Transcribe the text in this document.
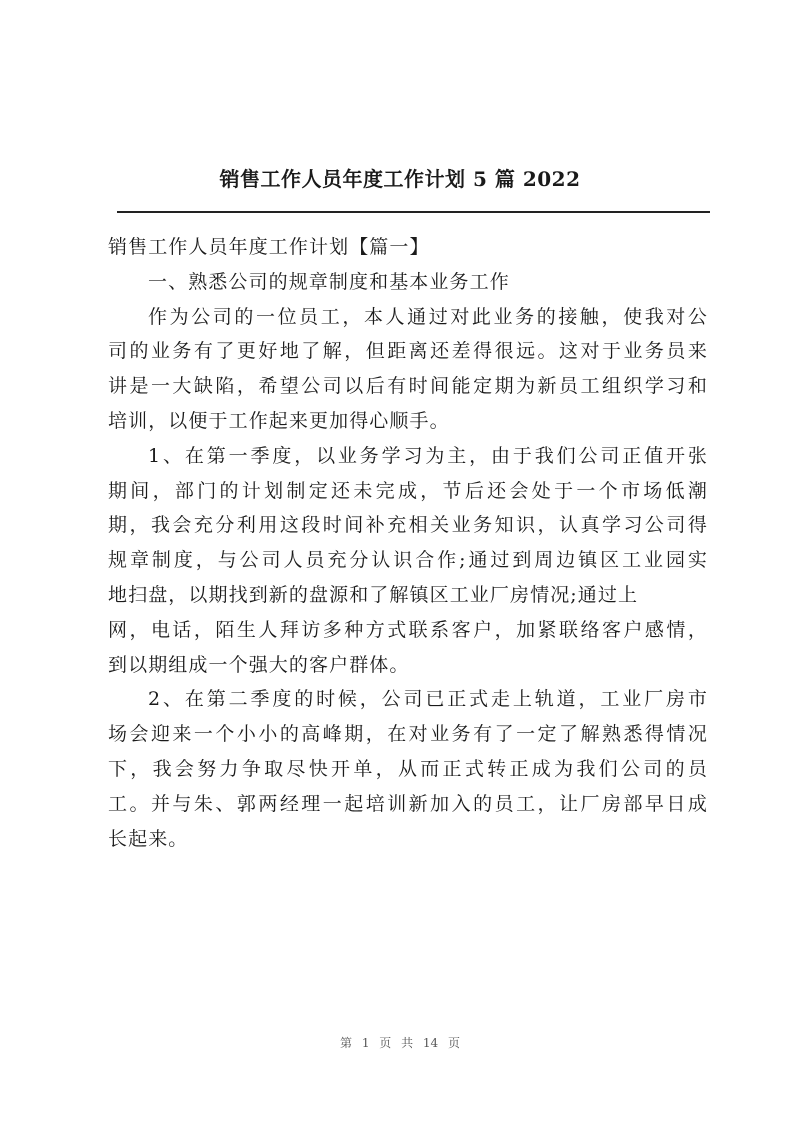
销售工作人员年度工作计划 5 篇 2022
销售工作人员年度工作计划【篇一】
一、熟悉公司的规章制度和基本业务工作
作为公司的一位员工，本人通过对此业务的接触，使我对公
司的业务有了更好地了解，但距离还差得很远。这对于业务员来
讲是一大缺陷，希望公司以后有时间能定期为新员工组织学习和
培训，以便于工作起来更加得心顺手。
1、在第一季度，以业务学习为主，由于我们公司正值开张
期间，部门的计划制定还未完成，节后还会处于一个市场低潮
期，我会充分利用这段时间补充相关业务知识，认真学习公司得
规章制度，与公司人员充分认识合作;通过到周边镇区工业园实
地扫盘，以期找到新的盘源和了解镇区工业厂房情况;通过上
网，电话，陌生人拜访多种方式联系客户，加紧联络客户感情，
到以期组成一个强大的客户群体。
2、在第二季度的时候，公司已正式走上轨道，工业厂房市
场会迎来一个小小的高峰期，在对业务有了一定了解熟悉得情况
下，我会努力争取尽快开单，从而正式转正成为我们公司的员
工。并与朱、郭两经理一起培训新加入的员工，让厂房部早日成
长起来。
第 1 页 共 14 页
